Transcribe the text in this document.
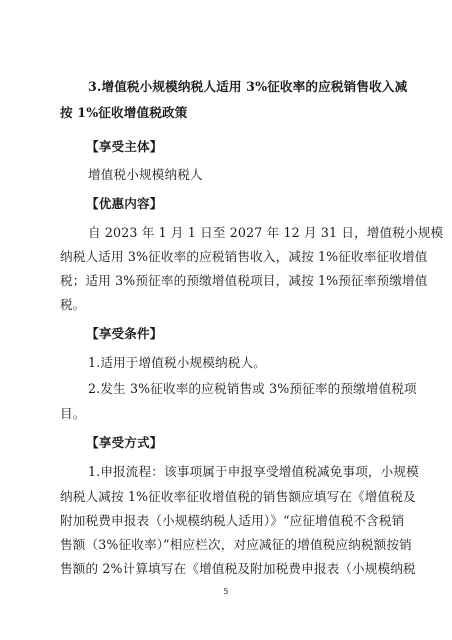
3.增值税小规模纳税人适用 3%征收率的应税销售收入减
按 1%征收增值税政策
【享受主体】
增值税小规模纳税人
【优惠内容】
自 2023 年 1 月 1 日至 2027 年 12 月 31 日，增值税小规模
纳税人适用 3%征收率的应税销售收入，减按 1%征收率征收增值
税；适用 3%预征率的预缴增值税项目，减按 1%预征率预缴增值
税。
【享受条件】
1.适用于增值税小规模纳税人。
2.发生 3%征收率的应税销售或 3%预征率的预缴增值税项
目。
【享受方式】
1.申报流程：该事项属于申报享受增值税减免事项，小规模
纳税人减按 1%征收率征收增值税的销售额应填写在《增值税及
附加税费申报表（小规模纳税人适用）》“应征增值税不含税销
售额（3%征收率）”相应栏次，对应减征的增值税应纳税额按销
售额的 2%计算填写在《增值税及附加税费申报表（小规模纳税
5
